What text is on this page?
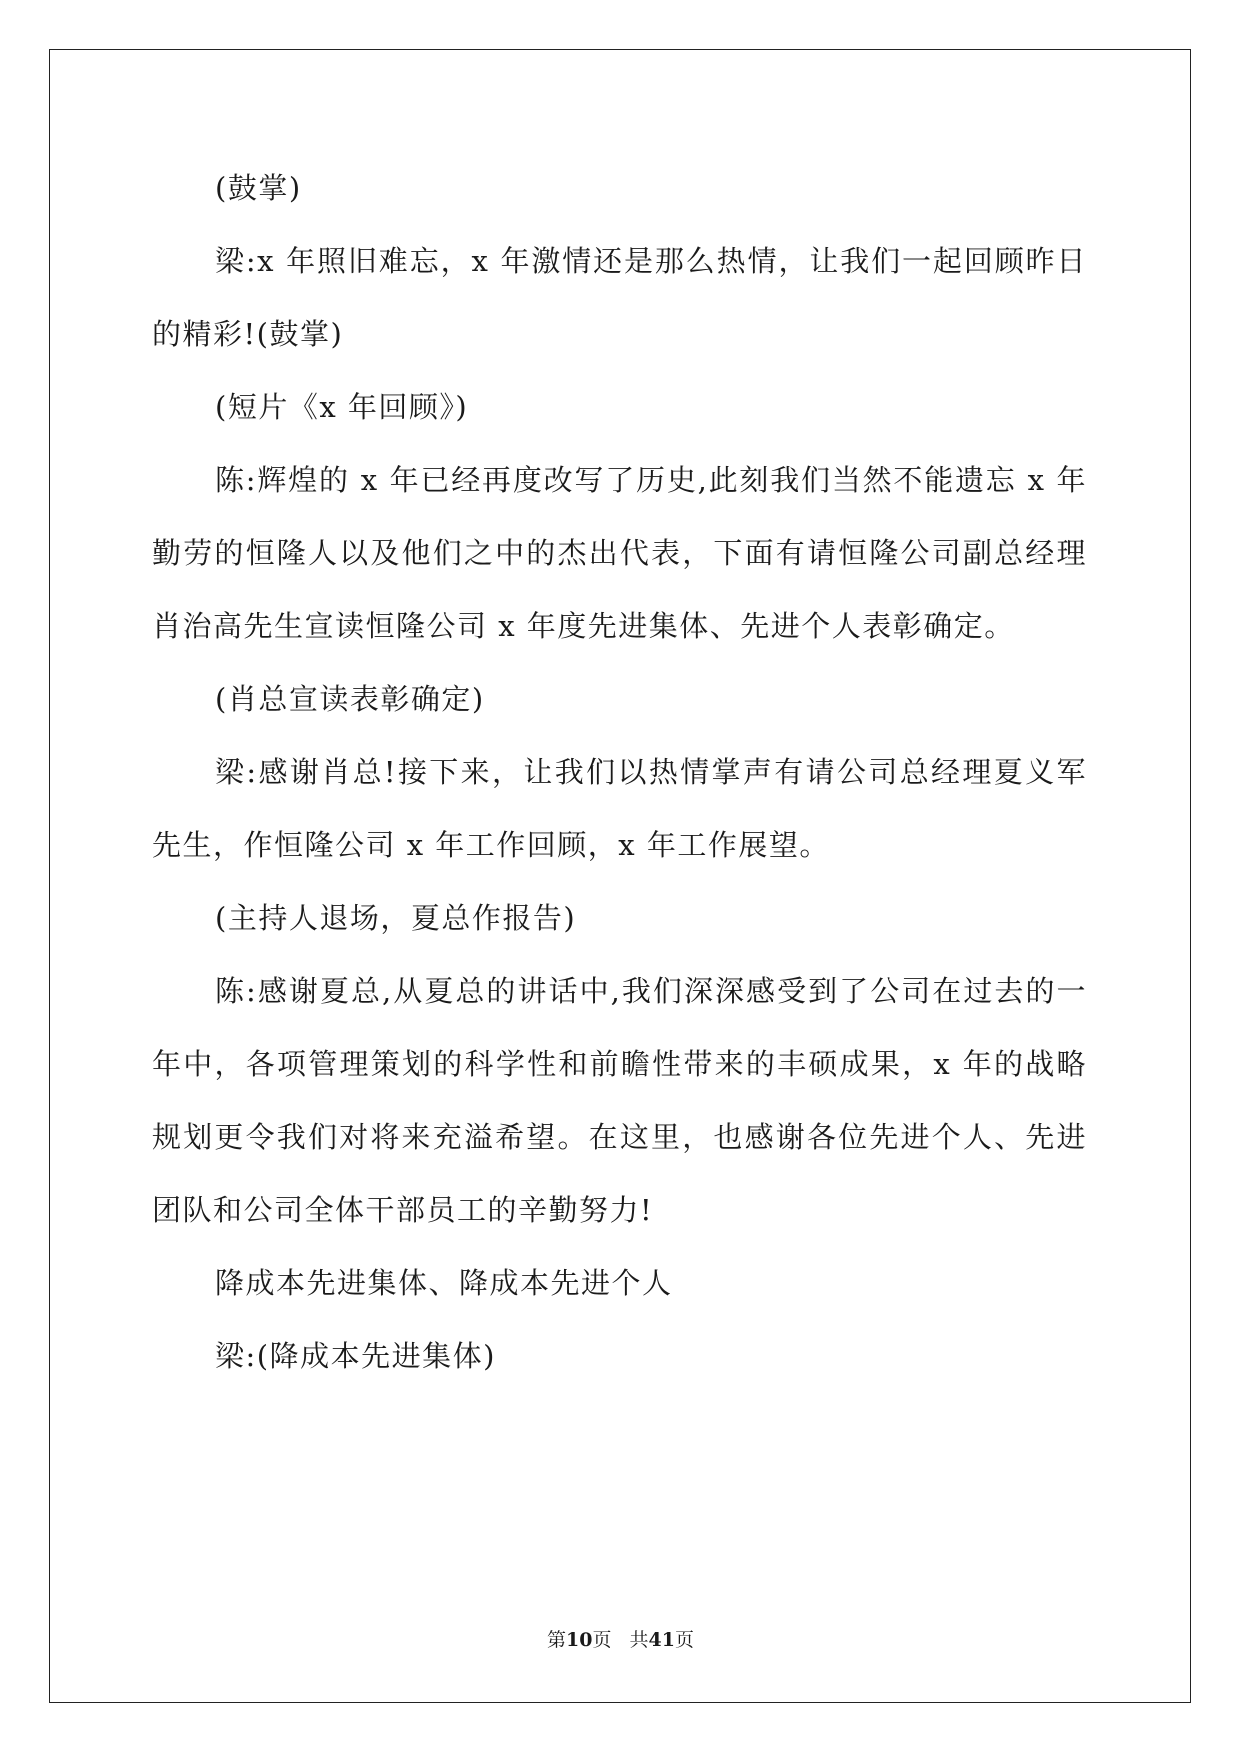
(鼓掌)

梁:x 年照旧难忘，x 年激情还是那么热情，让我们一起回顾昨日的精彩!(鼓掌)

(短片《x 年回顾》)

陈:辉煌的 x 年已经再度改写了历史,此刻我们当然不能遗忘 x 年勤劳的恒隆人以及他们之中的杰出代表，下面有请恒隆公司副总经理肖治高先生宣读恒隆公司 x 年度先进集体、先进个人表彰确定。

(肖总宣读表彰确定)

梁:感谢肖总!接下来，让我们以热情掌声有请公司总经理夏义军先生，作恒隆公司 x 年工作回顾，x 年工作展望。

(主持人退场，夏总作报告)

陈:感谢夏总,从夏总的讲话中,我们深深感受到了公司在过去的一年中，各项管理策划的科学性和前瞻性带来的丰硕成果，x 年的战略规划更令我们对将来充溢希望。在这里，也感谢各位先进个人、先进团队和公司全体干部员工的辛勤努力!

降成本先进集体、降成本先进个人

梁:(降成本先进集体)

第10页 共41页
